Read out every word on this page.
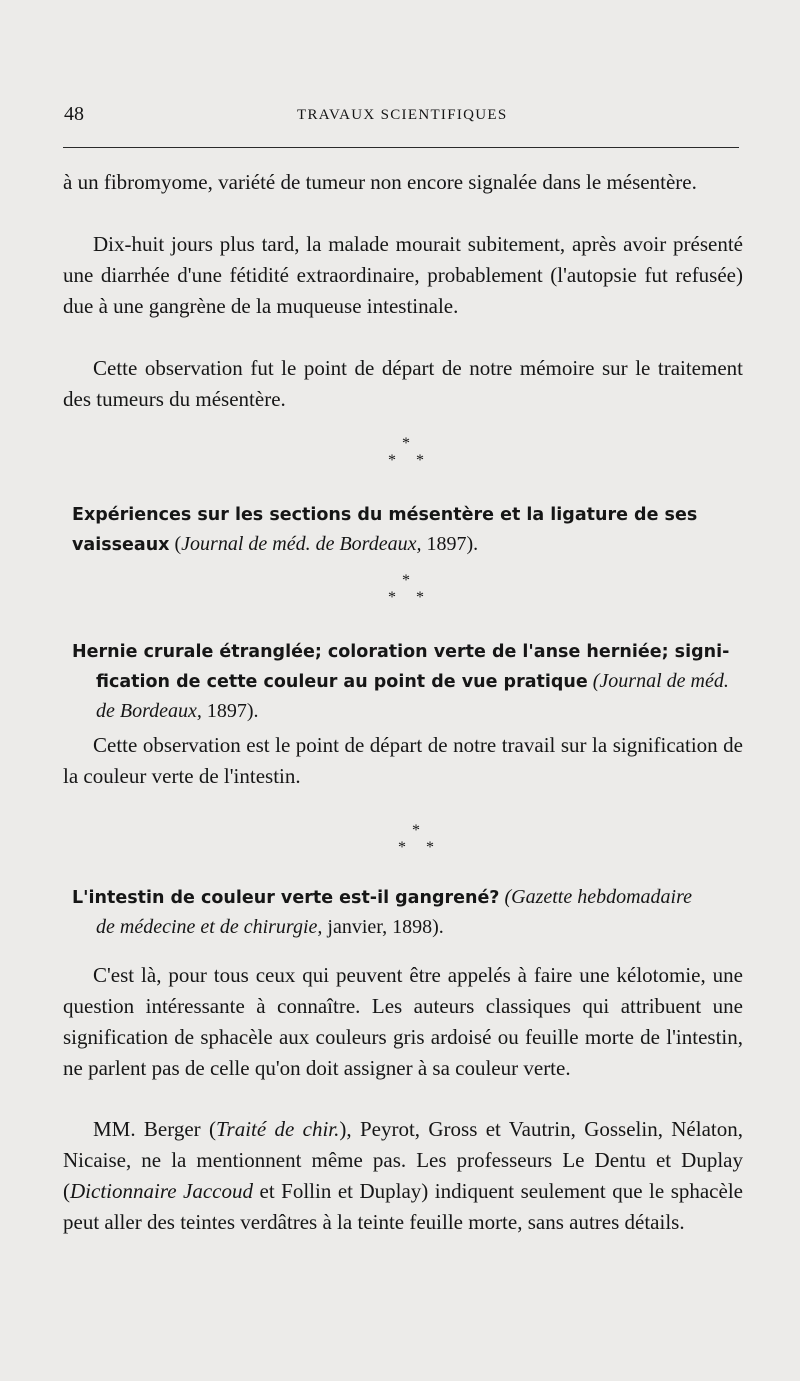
48	TRAVAUX SCIENTIFIQUES

à un fibromyome, variété de tumeur non encore signalée dans le mésentère.

Dix-huit jours plus tard, la malade mourait subitement, après avoir présenté une diarrhée d'une fétidité extraordinaire, probablement (l'autopsie fut refusée) due à une gangrène de la muqueuse intestinale.

Cette observation fut le point de départ de notre mémoire sur le traitement des tumeurs du mésentère.

*
* *
Expériences sur les sections du mésentère et la ligature de ses
vaisseaux (Journal de méd. de Bordeaux, 1897).
*
* *
Hernie crurale étranglée; coloration verte de l'anse herniée; signi-
fication de cette couleur au point de vue pratique (Journal de méd.
de Bordeaux, 1897).

Cette observation est le point de départ de notre travail sur la signification de la couleur verte de l'intestin.

*
* *
L'intestin de couleur verte est-il gangrené? (Gazette hebdomadaire
de médecine et de chirurgie, janvier, 1898).

C'est là, pour tous ceux qui peuvent être appelés à faire une kélotomie, une question intéressante à connaître. Les auteurs classiques qui attribuent une signification de sphacèle aux couleurs gris ardoisé ou feuille morte de l'intestin, ne parlent pas de celle qu'on doit assigner à sa couleur verte.

MM. Berger (Traité de chir.), Peyrot, Gross et Vautrin, Gosselin, Nélaton, Nicaise, ne la mentionnent même pas. Les professeurs Le Dentu et Duplay (Dictionnaire Jaccoud et Follin et Duplay) indiquent seulement que le sphacèle peut aller des teintes verdâtres à la teinte feuille morte, sans autres détails.
